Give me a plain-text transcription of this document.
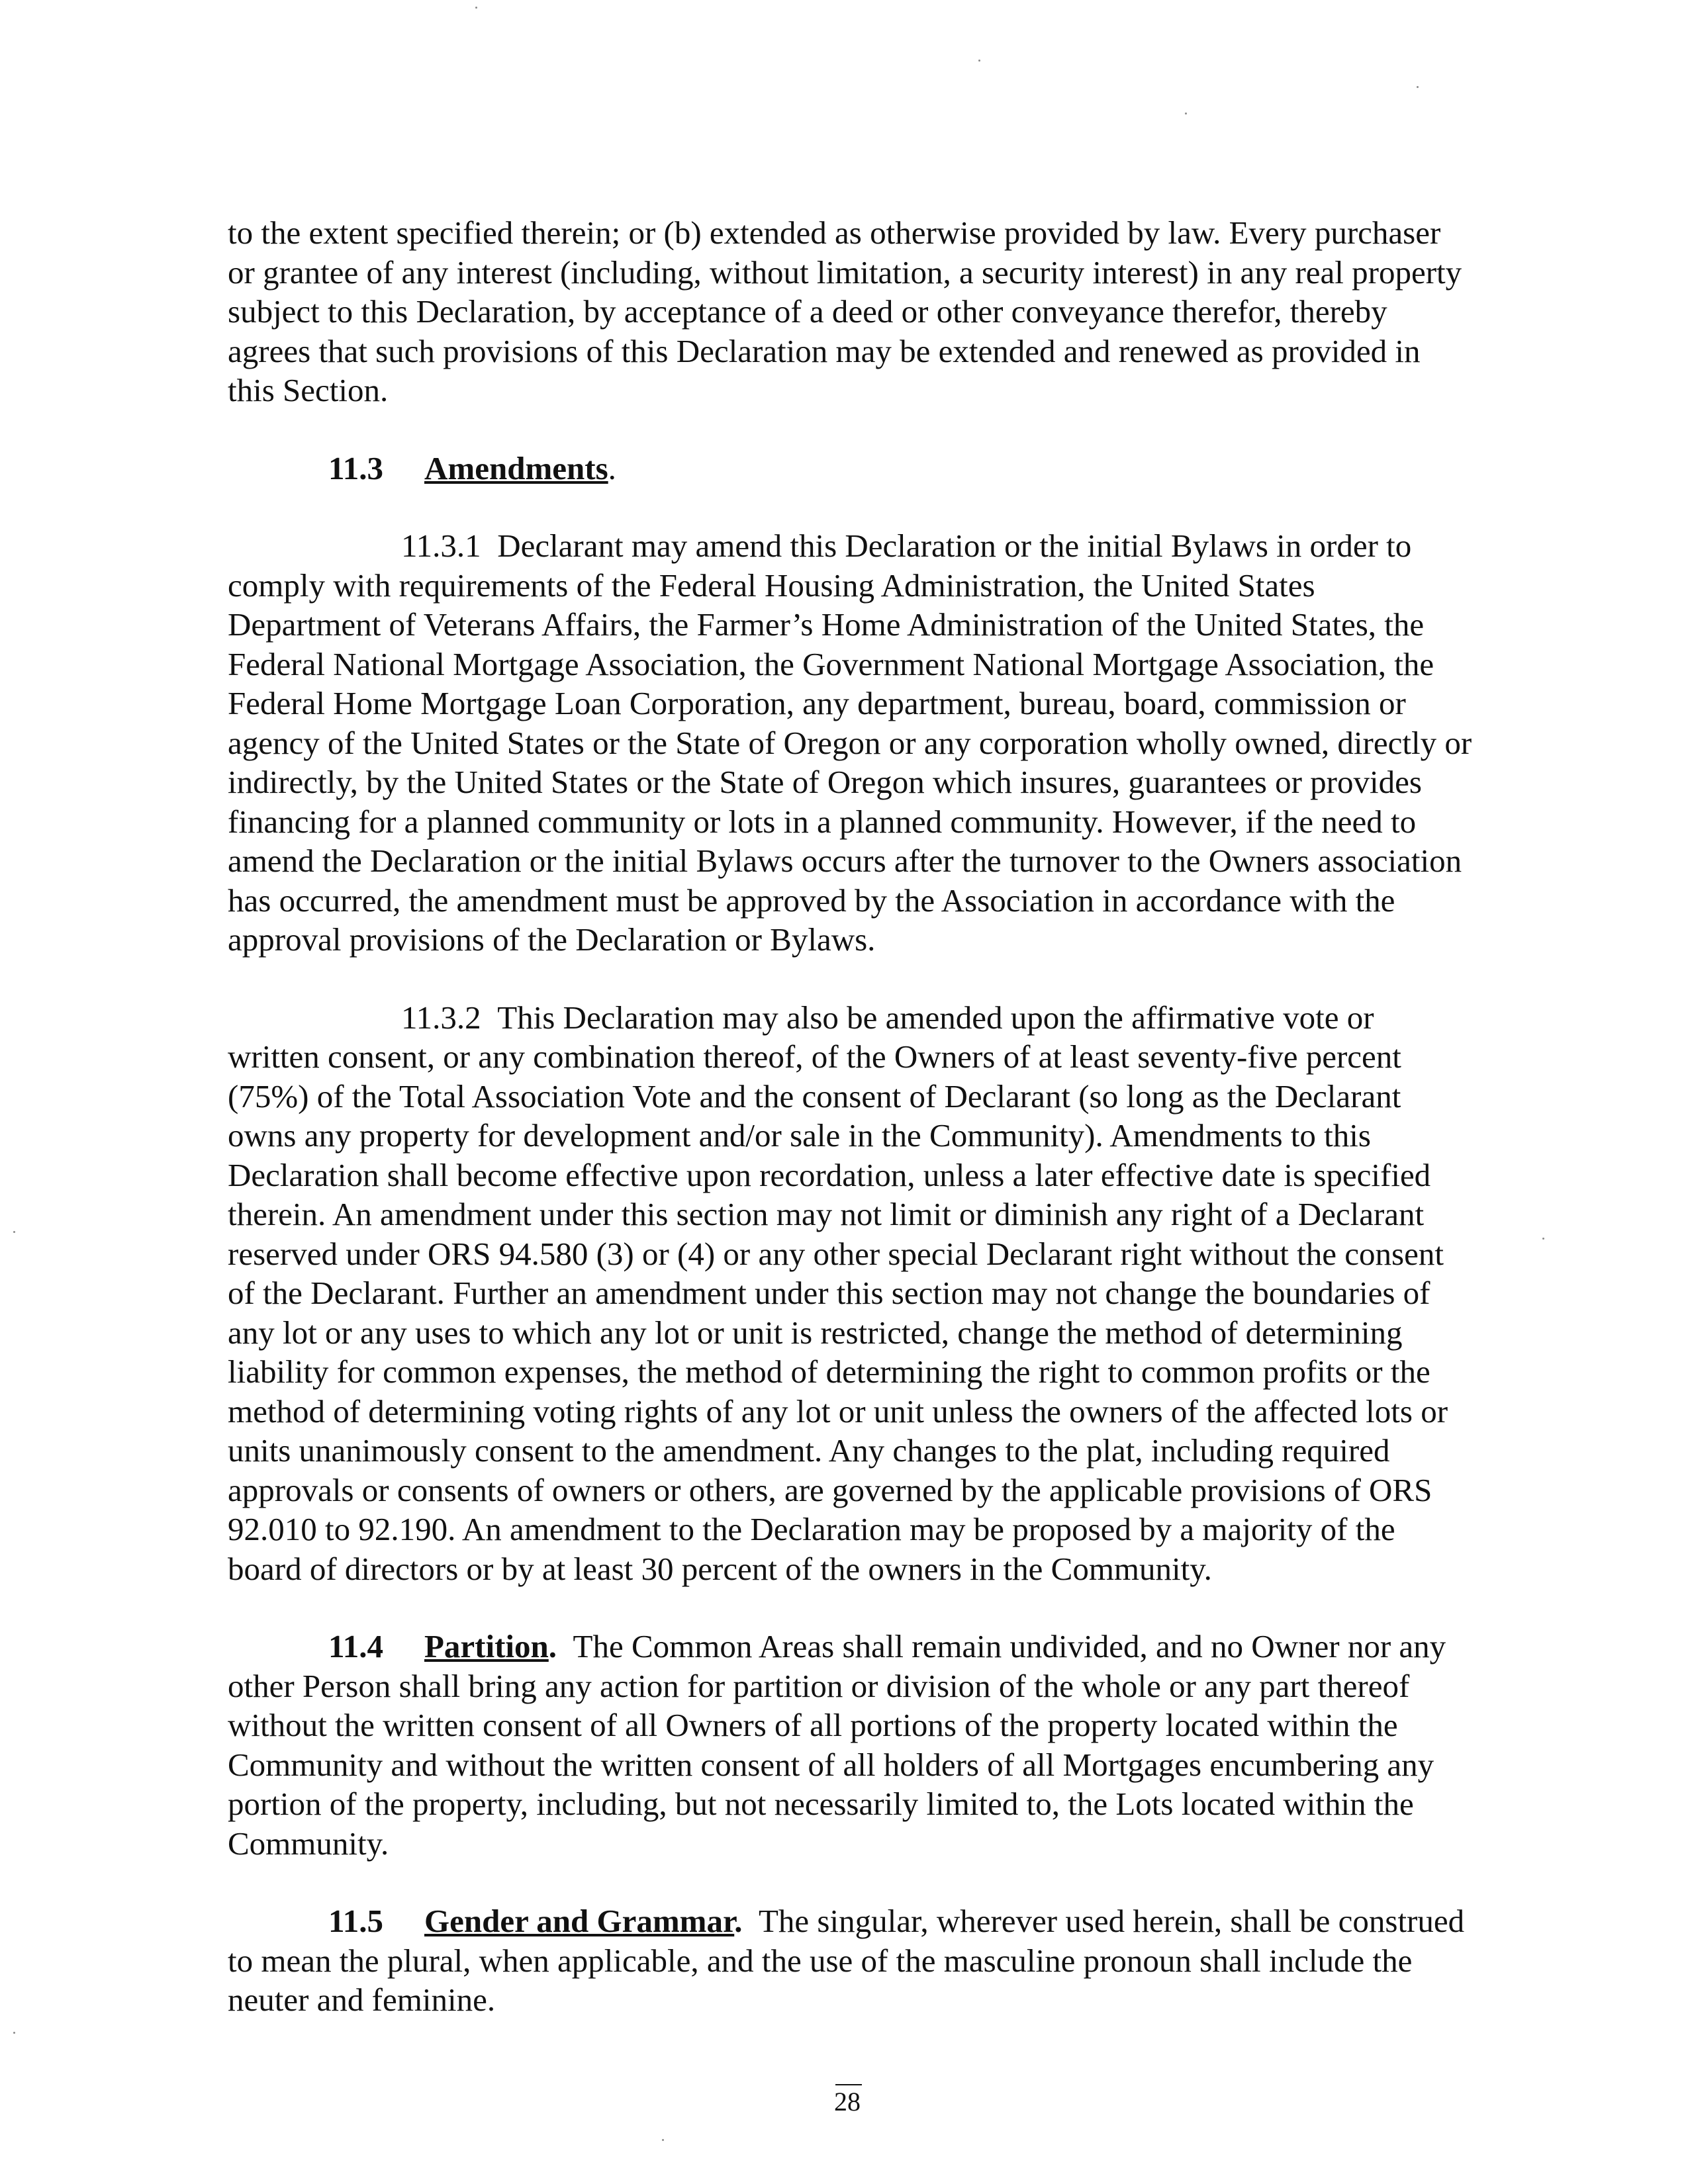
to the extent specified therein; or (b) extended as otherwise provided by law. Every purchaser or grantee of any interest (including, without limitation, a security interest) in any real property subject to this Declaration, by acceptance of a deed or other conveyance therefor, thereby agrees that such provisions of this Declaration may be extended and renewed as provided in this Section.

11.3 Amendments.

11.3.1 Declarant may amend this Declaration or the initial Bylaws in order to comply with requirements of the Federal Housing Administration, the United States Department of Veterans Affairs, the Farmer’s Home Administration of the United States, the Federal National Mortgage Association, the Government National Mortgage Association, the Federal Home Mortgage Loan Corporation, any department, bureau, board, commission or agency of the United States or the State of Oregon or any corporation wholly owned, directly or indirectly, by the United States or the State of Oregon which insures, guarantees or provides financing for a planned community or lots in a planned community. However, if the need to amend the Declaration or the initial Bylaws occurs after the turnover to the Owners association has occurred, the amendment must be approved by the Association in accordance with the approval provisions of the Declaration or Bylaws.

11.3.2 This Declaration may also be amended upon the affirmative vote or written consent, or any combination thereof, of the Owners of at least seventy-five percent (75%) of the Total Association Vote and the consent of Declarant (so long as the Declarant owns any property for development and/or sale in the Community). Amendments to this Declaration shall become effective upon recordation, unless a later effective date is specified therein. An amendment under this section may not limit or diminish any right of a Declarant reserved under ORS 94.580 (3) or (4) or any other special Declarant right without the consent of the Declarant. Further an amendment under this section may not change the boundaries of any lot or any uses to which any lot or unit is restricted, change the method of determining liability for common expenses, the method of determining the right to common profits or the method of determining voting rights of any lot or unit unless the owners of the affected lots or units unanimously consent to the amendment. Any changes to the plat, including required approvals or consents of owners or others, are governed by the applicable provisions of ORS 92.010 to 92.190. An amendment to the Declaration may be proposed by a majority of the board of directors or by at least 30 percent of the owners in the Community.

11.4 Partition. The Common Areas shall remain undivided, and no Owner nor any other Person shall bring any action for partition or division of the whole or any part thereof without the written consent of all Owners of all portions of the property located within the Community and without the written consent of all holders of all Mortgages encumbering any portion of the property, including, but not necessarily limited to, the Lots located within the Community.

11.5 Gender and Grammar. The singular, wherever used herein, shall be construed to mean the plural, when applicable, and the use of the masculine pronoun shall include the neuter and feminine.

28
